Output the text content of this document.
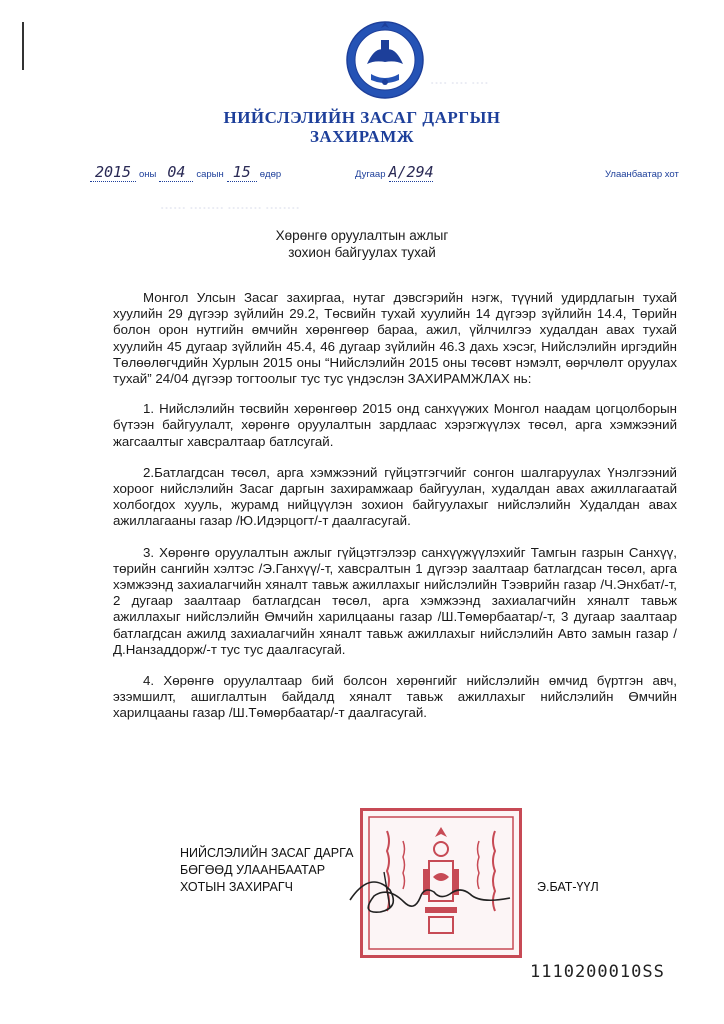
···· ···· ····
······ ········ ········ ········
НИЙСЛЭЛИЙН ЗАСАГ ДАРГЫН
ЗАХИРАМЖ
2015 оны 04 сарын 15 өдөр	Дугаар А/294	Улаанбаатар хот
Хөрөнгө оруулалтын ажлыг
зохион байгуулах тухай

Монгол Улсын Засаг захиргаа, нутаг дэвсгэрийн нэгж, түүний удирдлагын тухай хуулийн 29 дүгээр зүйлийн 29.2, Төсвийн тухай хуулийн 14 дүгээр зүйлийн 14.4, Төрийн болон орон нутгийн өмчийн хөрөнгөөр бараа, ажил, үйлчилгээ худалдан авах тухай хуулийн 45 дугаар зүйлийн 45.4, 46 дугаар зүйлийн 46.3 дахь хэсэг, Нийслэлийн иргэдийн Төлөөлөгчдийн Хурлын 2015 оны “Нийслэлийн 2015 оны төсөвт нэмэлт, өөрчлөлт оруулах тухай” 24/04 дүгээр тогтоолыг тус тус үндэслэн ЗАХИРАМЖЛАХ нь:

1. Нийслэлийн төсвийн хөрөнгөөр 2015 онд санхүүжих Монгол наадам цогцолборын бүтээн байгуулалт, хөрөнгө оруулалтын зардлаас хэрэгжүүлэх төсөл, арга хэмжээний жагсаалтыг хавсралтаар батлсугай.

2.Батлагдсан төсөл, арга хэмжээний гүйцэтгэгчийг сонгон шалгаруулах Үнэлгээний хороог нийслэлийн Засаг даргын захирамжаар байгуулан, худалдан авах ажиллагаатай холбогдох хууль, журамд нийцүүлэн зохион байгуулахыг нийслэлийн Худалдан авах ажиллагааны газар /Ю.Идэрцогт/-т даалгасугай.

3. Хөрөнгө оруулалтын ажлыг гүйцэтгэлээр санхүүжүүлэхийг Тамгын газрын Санхүү, төрийн сангийн хэлтэс /Э.Ганхүү/-т, хавсралтын 1 дүгээр заалтаар батлагдсан төсөл, арга хэмжээнд захиалагчийн хяналт тавьж ажиллахыг нийслэлийн Тээврийн газар /Ч.Энхбат/-т, 2 дугаар заалтаар батлагдсан төсөл, арга хэмжээнд захиалагчийн хяналт тавьж ажиллахыг нийслэлийн Өмчийн харилцааны газар /Ш.Төмөрбаатар/-т, 3 дугаар заалтаар батлагдсан ажилд захиалагчийн хяналт тавьж ажиллахыг нийслэлийн Авто замын газар /Д.Нанзаддорж/-т тус тус даалгасугай.

4. Хөрөнгө оруулалтаар бий болсон хөрөнгийг нийслэлийн өмчид бүртгэн авч, эзэмшилт, ашиглалтын байдалд хяналт тавьж ажиллахыг нийслэлийн Өмчийн харилцааны газар /Ш.Төмөрбаатар/-т даалгасугай.

НИЙСЛЭЛИЙН ЗАСАГ ДАРГА
БӨГӨӨД УЛААНБААТАР
ХОТЫН ЗАХИРАГЧ	Э.БАТ-ҮҮЛ
1110200010ЅЅ
